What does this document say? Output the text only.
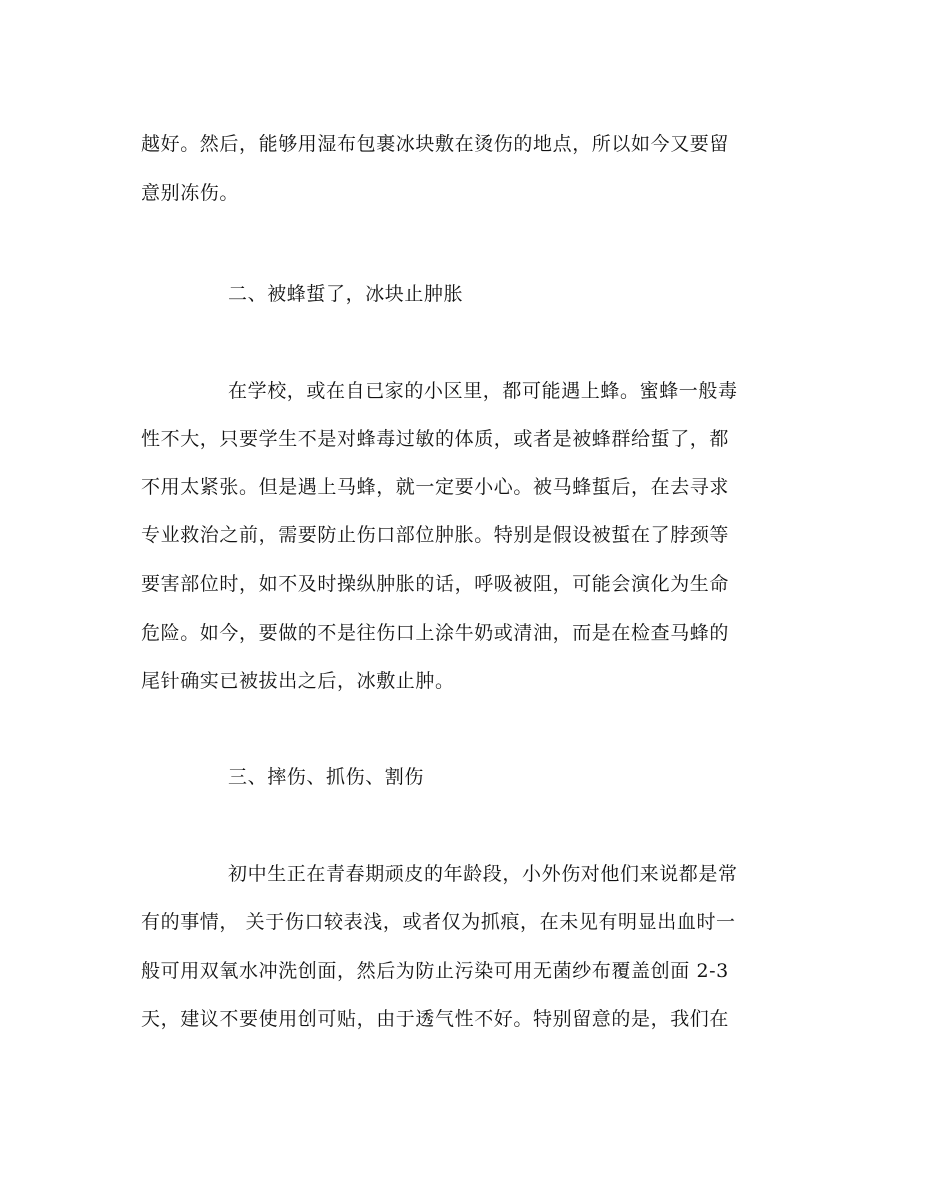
越好。然后，能够用湿布包裹冰块敷在烫伤的地点，所以如今又要留
意别冻伤。
二、被蜂蜇了，冰块止肿胀
在学校，或在自已家的小区里，都可能遇上蜂。蜜蜂一般毒
性不大，只要学生不是对蜂毒过敏的体质，或者是被蜂群给蜇了，都
不用太紧张。但是遇上马蜂，就一定要小心。被马蜂蜇后，在去寻求
专业救治之前，需要防止伤口部位肿胀。特别是假设被蜇在了脖颈等
要害部位时，如不及时操纵肿胀的话，呼吸被阻，可能会演化为生命
危险。如今，要做的不是往伤口上涂牛奶或清油，而是在检查马蜂的
尾针确实已被拔出之后，冰敷止肿。
三、摔伤、抓伤、割伤
初中生正在青春期顽皮的年龄段，小外伤对他们来说都是常
有的事情， 关于伤口较表浅，或者仅为抓痕，在未见有明显出血时一
般可用双氧水冲洗创面，然后为防止污染可用无菌纱布覆盖创面 2-3
天，建议不要使用创可贴，由于透气性不好。特别留意的是，我们在
